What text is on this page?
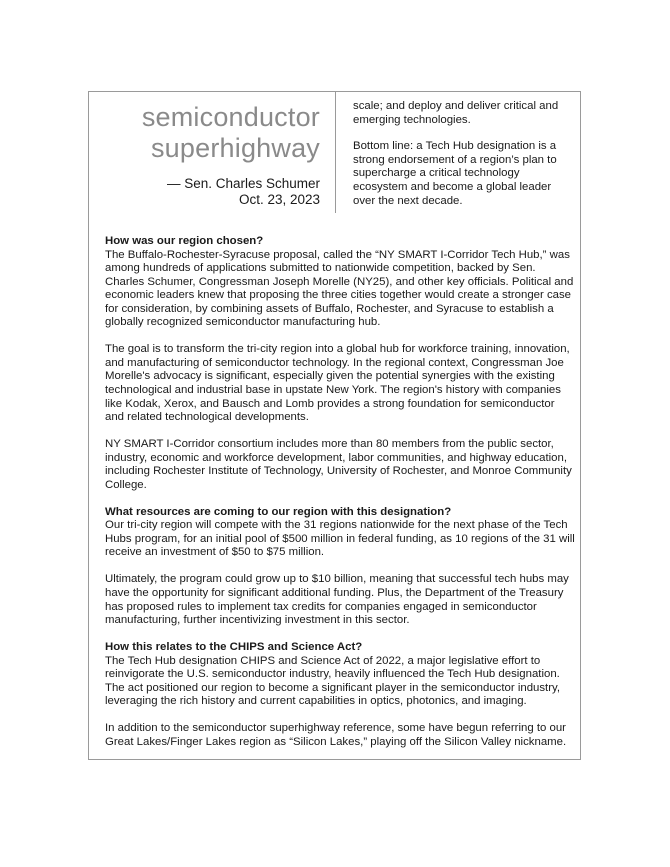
semiconductor
superhighway
— Sen. Charles Schumer
Oct. 23, 2023

scale; and deploy and deliver critical and emerging technologies.

Bottom line: a Tech Hub designation is a strong endorsement of a region’s plan to supercharge a critical technology ecosystem and become a global leader over the next decade.

How was our region chosen?

The Buffalo-Rochester-Syracuse proposal, called the “NY SMART I-Corridor Tech Hub,” was among hundreds of applications submitted to nationwide competition, backed by Sen. Charles Schumer, Congressman Joseph Morelle (NY25), and other key officials. Political and economic leaders knew that proposing the three cities together would create a stronger case for consideration, by combining assets of Buffalo, Rochester, and Syracuse to establish a globally recognized semiconductor manufacturing hub.

The goal is to transform the tri-city region into a global hub for workforce training, innovation, and manufacturing of semiconductor technology. In the regional context, Congressman Joe Morelle's advocacy is significant, especially given the potential synergies with the existing technological and industrial base in upstate New York. The region's history with companies like Kodak, Xerox, and Bausch and Lomb provides a strong foundation for semiconductor and related technological developments.

NY SMART I-Corridor consortium includes more than 80 members from the public sector, industry, economic and workforce development, labor communities, and highway education, including Rochester Institute of Technology, University of Rochester, and Monroe Community College.

What resources are coming to our region with this designation?

Our tri-city region will compete with the 31 regions nationwide for the next phase of the Tech Hubs program, for an initial pool of $500 million in federal funding, as 10 regions of the 31 will receive an investment of $50 to $75 million.

Ultimately, the program could grow up to $10 billion, meaning that successful tech hubs may have the opportunity for significant additional funding. Plus, the Department of the Treasury has proposed rules to implement tax credits for companies engaged in semiconductor manufacturing, further incentivizing investment in this sector.

How this relates to the CHIPS and Science Act?

The Tech Hub designation CHIPS and Science Act of 2022, a major legislative effort to reinvigorate the U.S. semiconductor industry, heavily influenced the Tech Hub designation. The act positioned our region to become a significant player in the semiconductor industry, leveraging the rich history and current capabilities in optics, photonics, and imaging.

In addition to the semiconductor superhighway reference, some have begun referring to our Great Lakes/Finger Lakes region as “Silicon Lakes,” playing off the Silicon Valley nickname.
